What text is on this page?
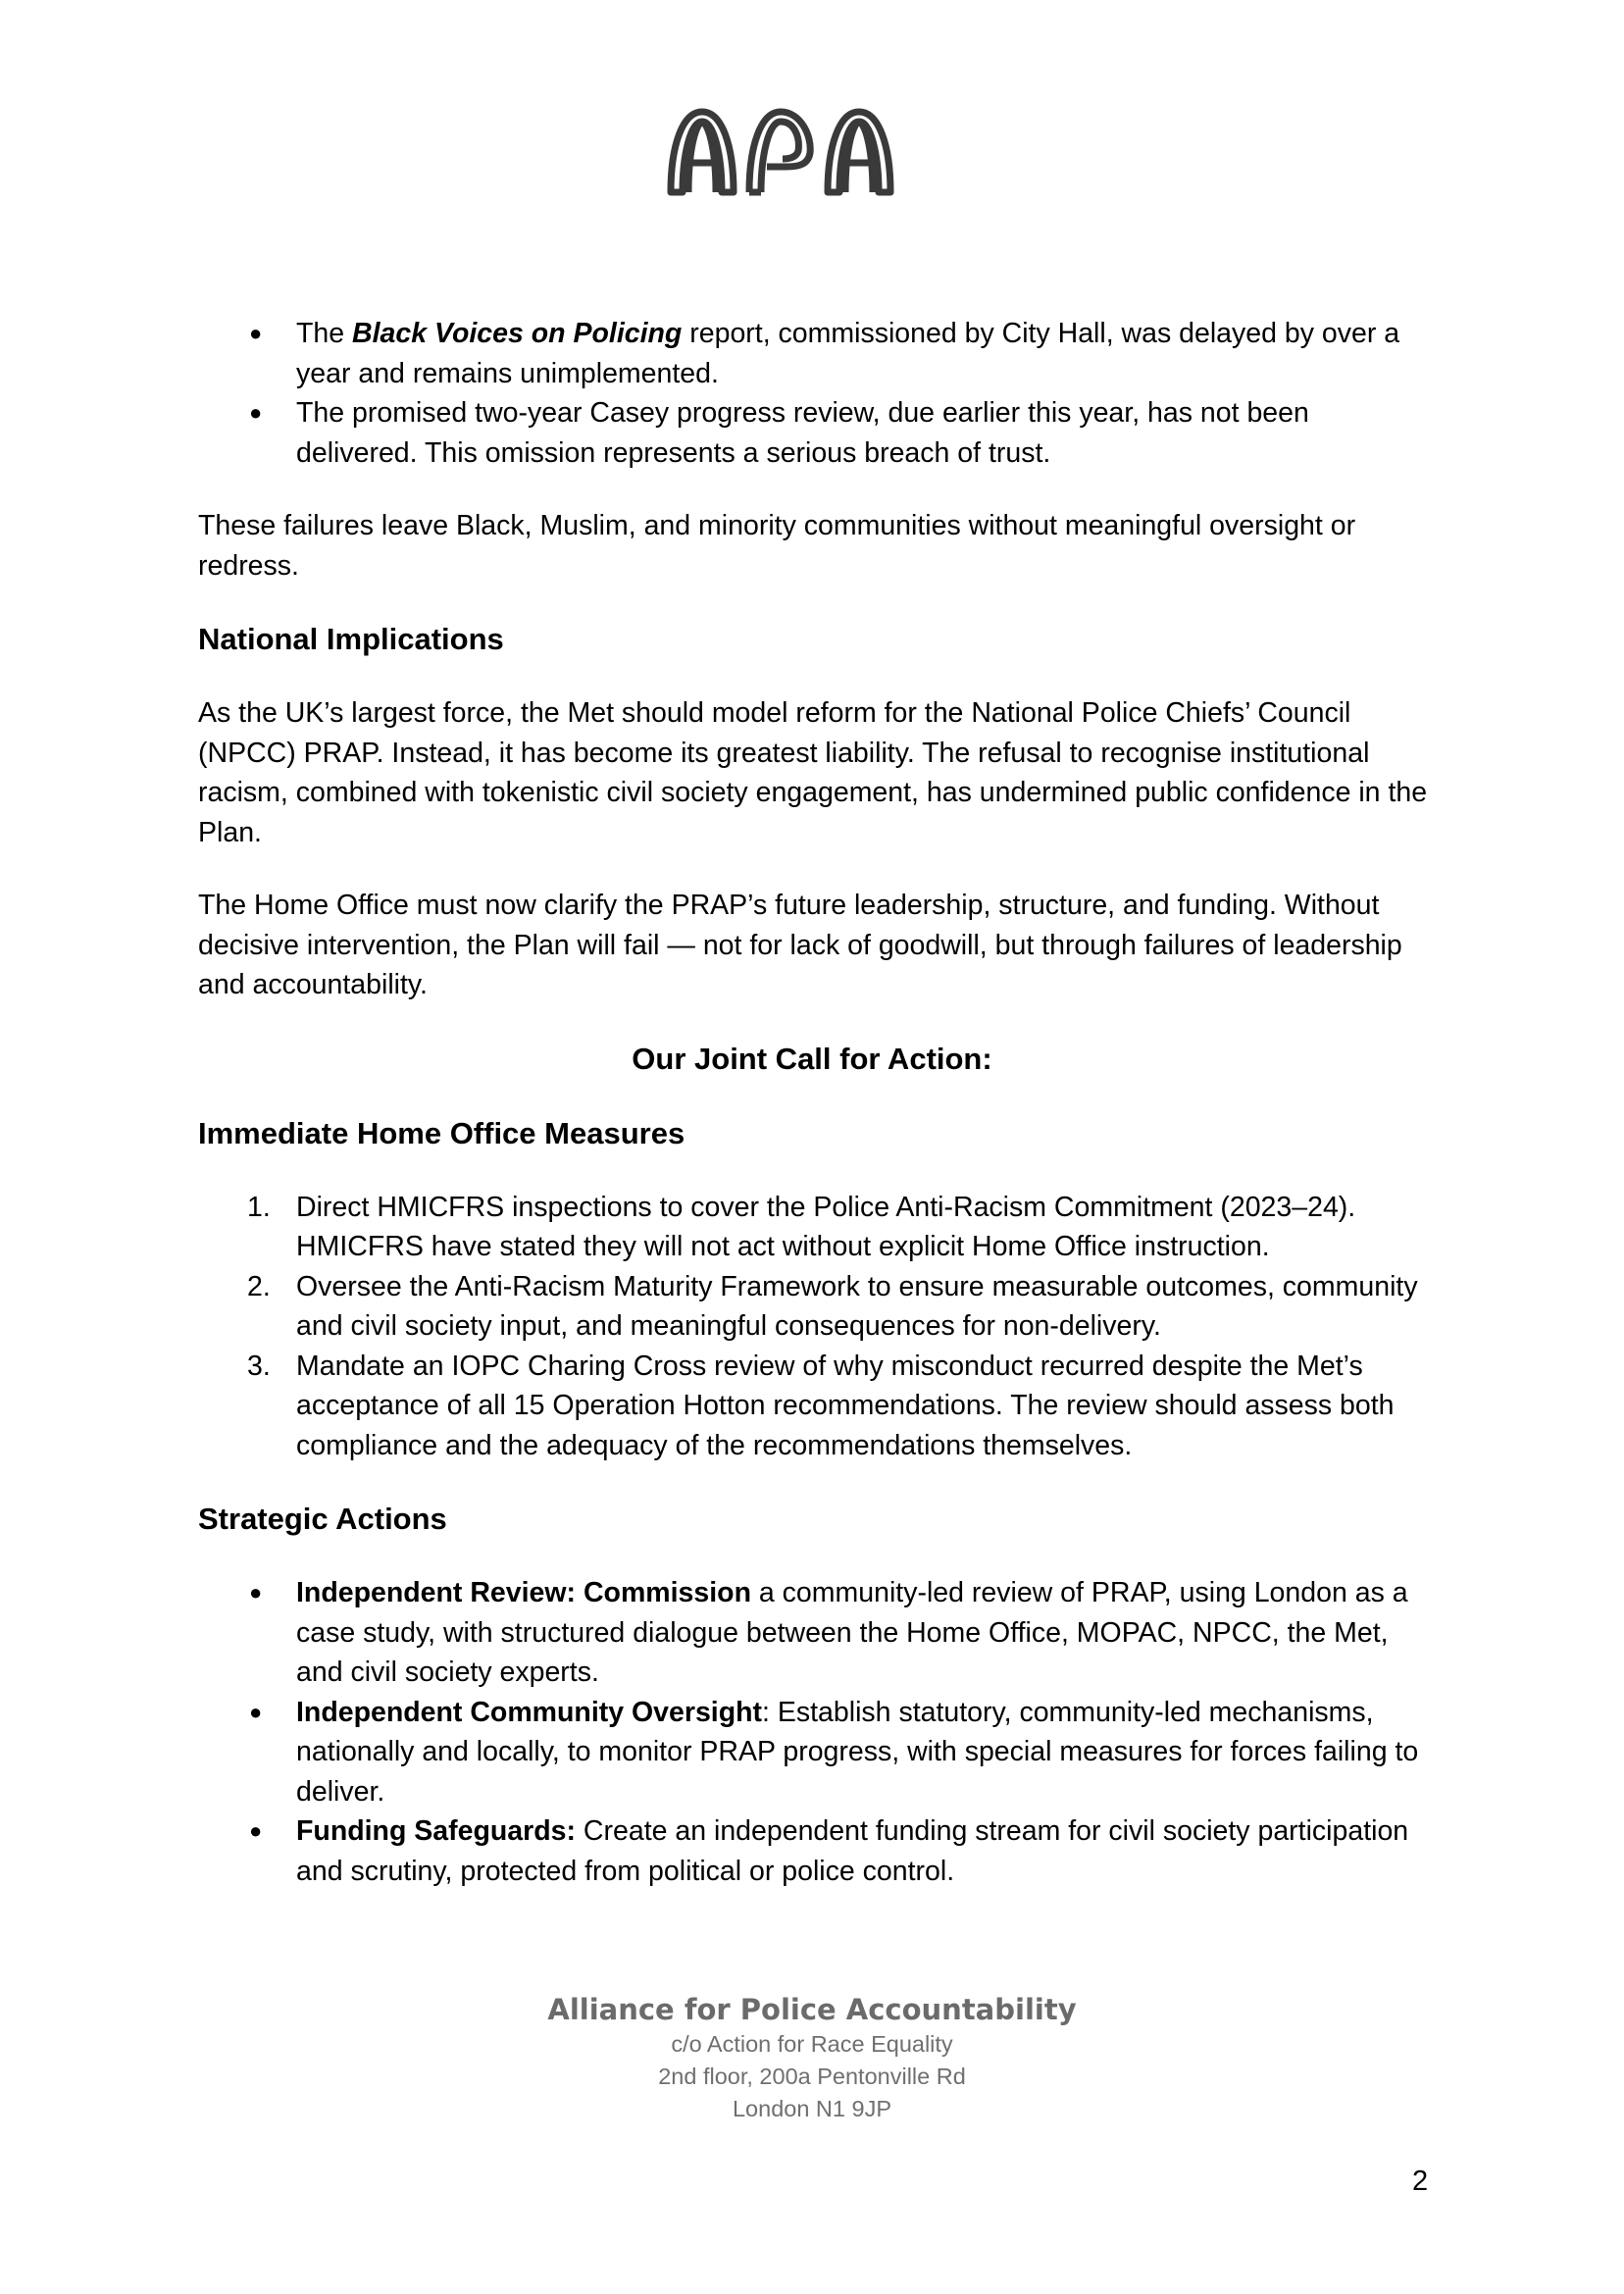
● The Black Voices on Policing report, commissioned by City Hall, was delayed by over a year and remains unimplemented.
● The promised two-year Casey progress review, due earlier this year, has not been delivered. This omission represents a serious breach of trust.

These failures leave Black, Muslim, and minority communities without meaningful oversight or redress.

National Implications

As the UK’s largest force, the Met should model reform for the National Police Chiefs’ Council (NPCC) PRAP. Instead, it has become its greatest liability. The refusal to recognise institutional racism, combined with tokenistic civil society engagement, has undermined public confidence in the Plan.

The Home Office must now clarify the PRAP’s future leadership, structure, and funding. Without decisive intervention, the Plan will fail — not for lack of goodwill, but through failures of leadership and accountability.

Our Joint Call for Action:
Immediate Home Office Measures
1. Direct HMICFRS inspections to cover the Police Anti-Racism Commitment (2023–24). HMICFRS have stated they will not act without explicit Home Office instruction.
2. Oversee the Anti-Racism Maturity Framework to ensure measurable outcomes, community and civil society input, and meaningful consequences for non-delivery.
3. Mandate an IOPC Charing Cross review of why misconduct recurred despite the Met’s acceptance of all 15 Operation Hotton recommendations. The review should assess both compliance and the adequacy of the recommendations themselves.
Strategic Actions
● Independent Review: Commission a community-led review of PRAP, using London as a case study, with structured dialogue between the Home Office, MOPAC, NPCC, the Met, and civil society experts.
● Independent Community Oversight: Establish statutory, community-led mechanisms, nationally and locally, to monitor PRAP progress, with special measures for forces failing to deliver.
● Funding Safeguards: Create an independent funding stream for civil society participation and scrutiny, protected from political or police control.
Alliance for Police Accountability
c/o Action for Race Equality
2nd floor, 200a Pentonville Rd
London N1 9JP
2
